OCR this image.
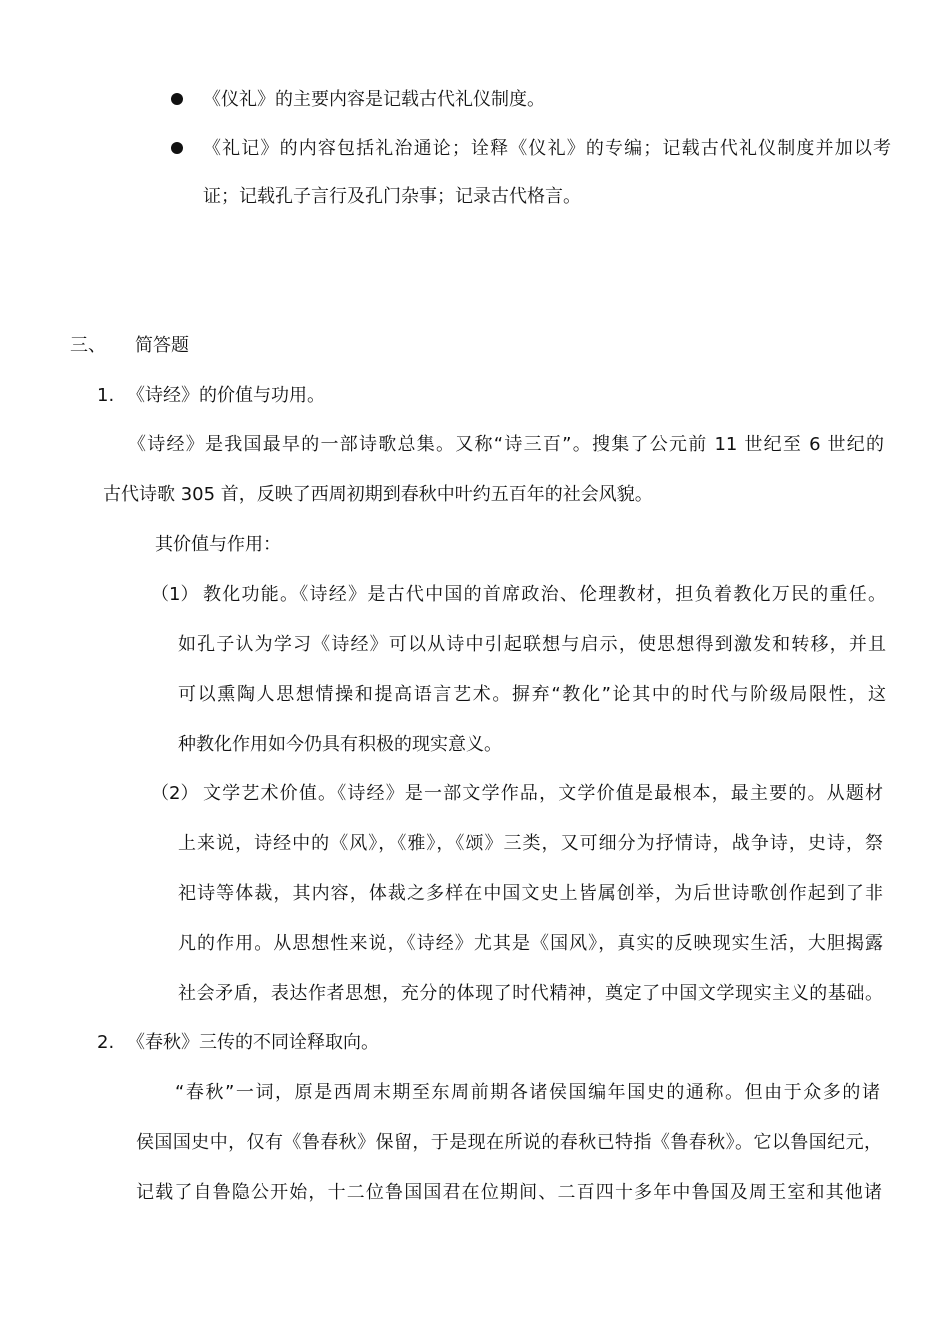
《仪礼》的主要内容是记载古代礼仪制度。
《礼记》的内容包括礼治通论；诠释《仪礼》的专编；记载古代礼仪制度并加以考
证；记载孔子言行及孔门杂事；记录古代格言。
三、 简答题
1. 《诗经》的价值与功用。
《诗经》是我国最早的一部诗歌总集。又称“诗三百”。搜集了公元前 11 世纪至 6 世纪的
古代诗歌 305 首，反映了西周初期到春秋中叶约五百年的社会风貌。
其价值与作用：
（1） 教化功能。《诗经》是古代中国的首席政治、伦理教材，担负着教化万民的重任。
如孔子认为学习《诗经》可以从诗中引起联想与启示，使思想得到激发和转移，并且
可以熏陶人思想情操和提高语言艺术。摒弃“教化”论其中的时代与阶级局限性，这
种教化作用如今仍具有积极的现实意义。
（2） 文学艺术价值。《诗经》是一部文学作品，文学价值是最根本，最主要的。从题材
上来说，诗经中的《风》，《雅》，《颂》三类，又可细分为抒情诗，战争诗，史诗，祭
祀诗等体裁，其内容，体裁之多样在中国文史上皆属创举，为后世诗歌创作起到了非
凡的作用。从思想性来说，《诗经》尤其是《国风》，真实的反映现实生活，大胆揭露
社会矛盾，表达作者思想，充分的体现了时代精神，奠定了中国文学现实主义的基础。
2. 《春秋》三传的不同诠释取向。
“春秋”一词，原是西周末期至东周前期各诸侯国编年国史的通称。但由于众多的诸
侯国国史中，仅有《鲁春秋》保留，于是现在所说的春秋已特指《鲁春秋》。它以鲁国纪元，
记载了自鲁隐公开始，十二位鲁国国君在位期间、二百四十多年中鲁国及周王室和其他诸
